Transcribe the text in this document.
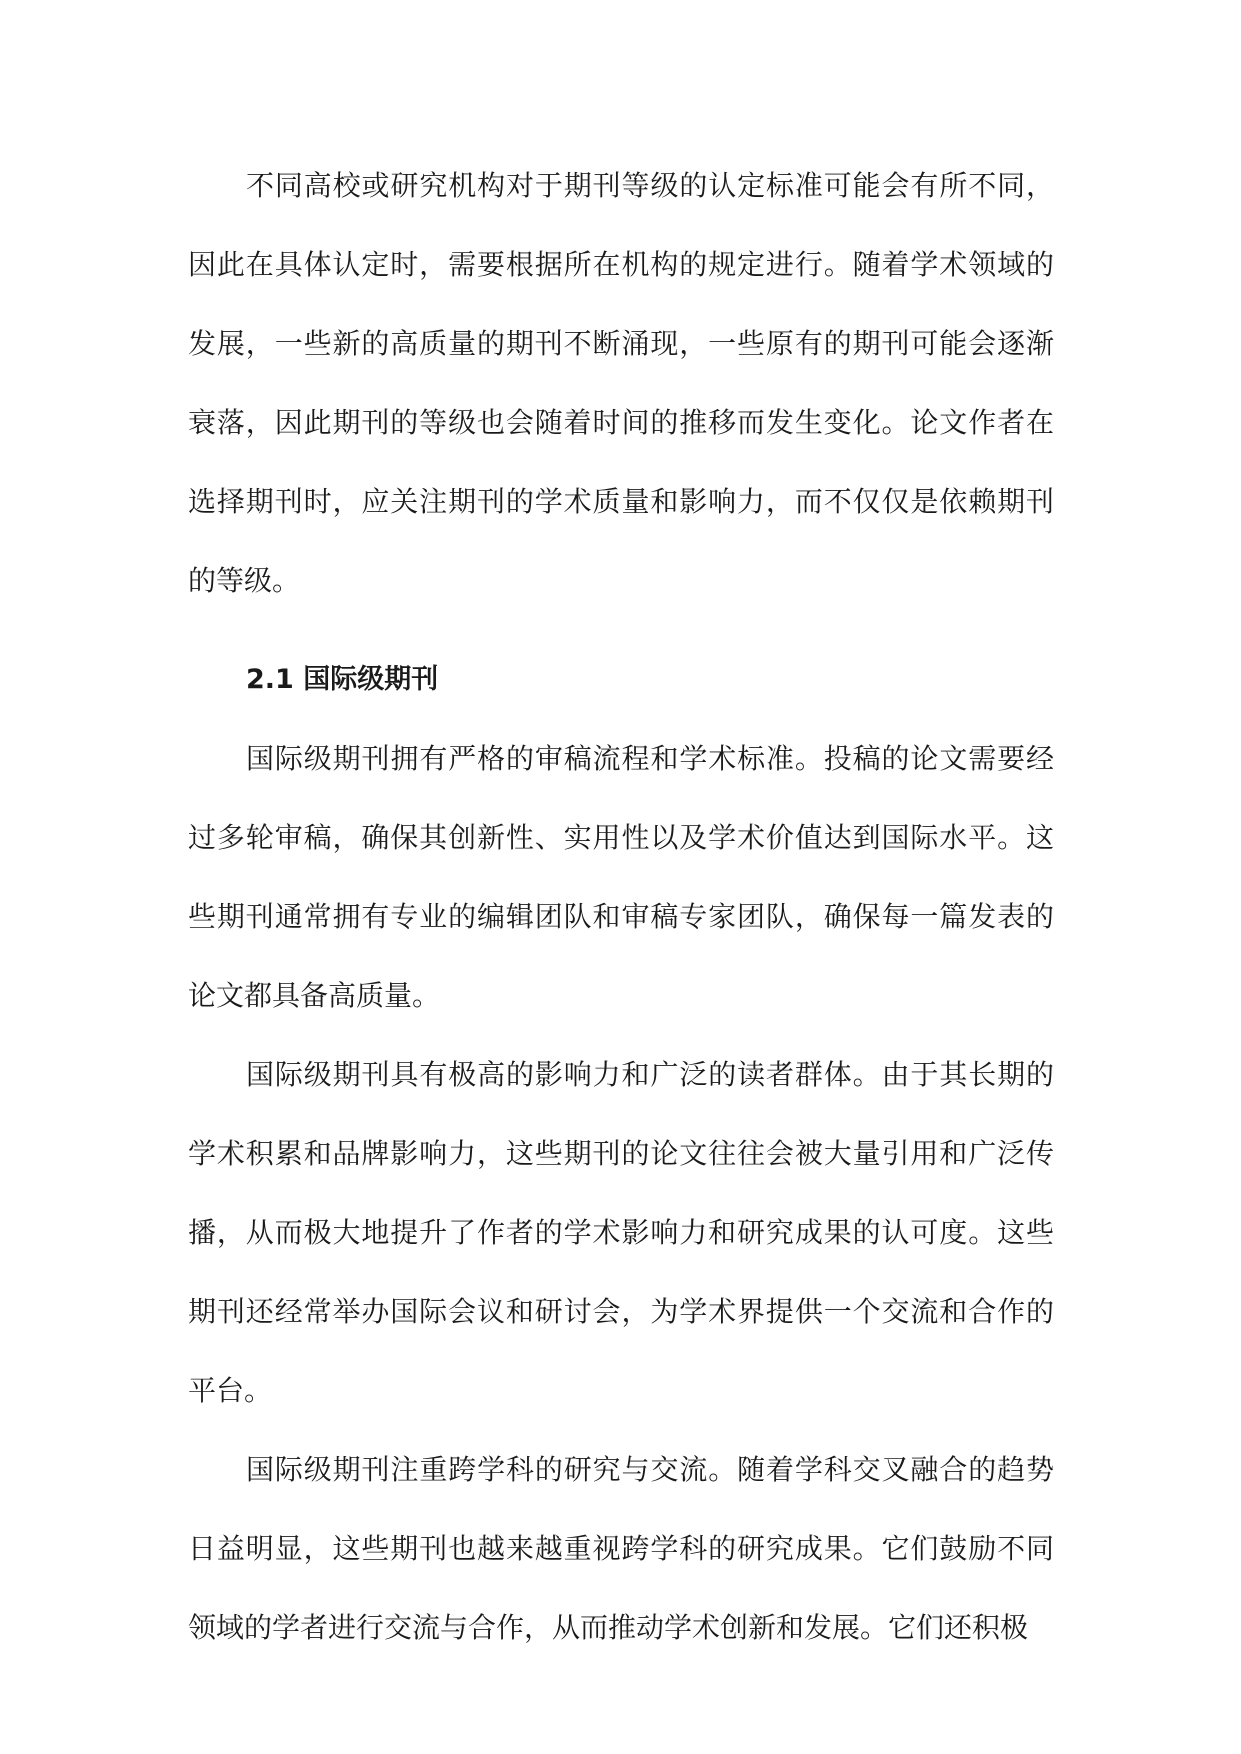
不同高校或研究机构对于期刊等级的认定标准可能会有所不同，因此在具体认定时，需要根据所在机构的规定进行。随着学术领域的发展，一些新的高质量的期刊不断涌现，一些原有的期刊可能会逐渐衰落，因此期刊的等级也会随着时间的推移而发生变化。论文作者在选择期刊时，应关注期刊的学术质量和影响力，而不仅仅是依赖期刊的等级。

2.1 国际级期刊

国际级期刊拥有严格的审稿流程和学术标准。投稿的论文需要经过多轮审稿，确保其创新性、实用性以及学术价值达到国际水平。这些期刊通常拥有专业的编辑团队和审稿专家团队，确保每一篇发表的论文都具备高质量。

国际级期刊具有极高的影响力和广泛的读者群体。由于其长期的学术积累和品牌影响力，这些期刊的论文往往会被大量引用和广泛传播，从而极大地提升了作者的学术影响力和研究成果的认可度。这些期刊还经常举办国际会议和研讨会，为学术界提供一个交流和合作的平台。

国际级期刊注重跨学科的研究与交流。随着学科交叉融合的趋势日益明显，这些期刊也越来越重视跨学科的研究成果。它们鼓励不同领域的学者进行交流与合作，从而推动学术创新和发展。它们还积极
